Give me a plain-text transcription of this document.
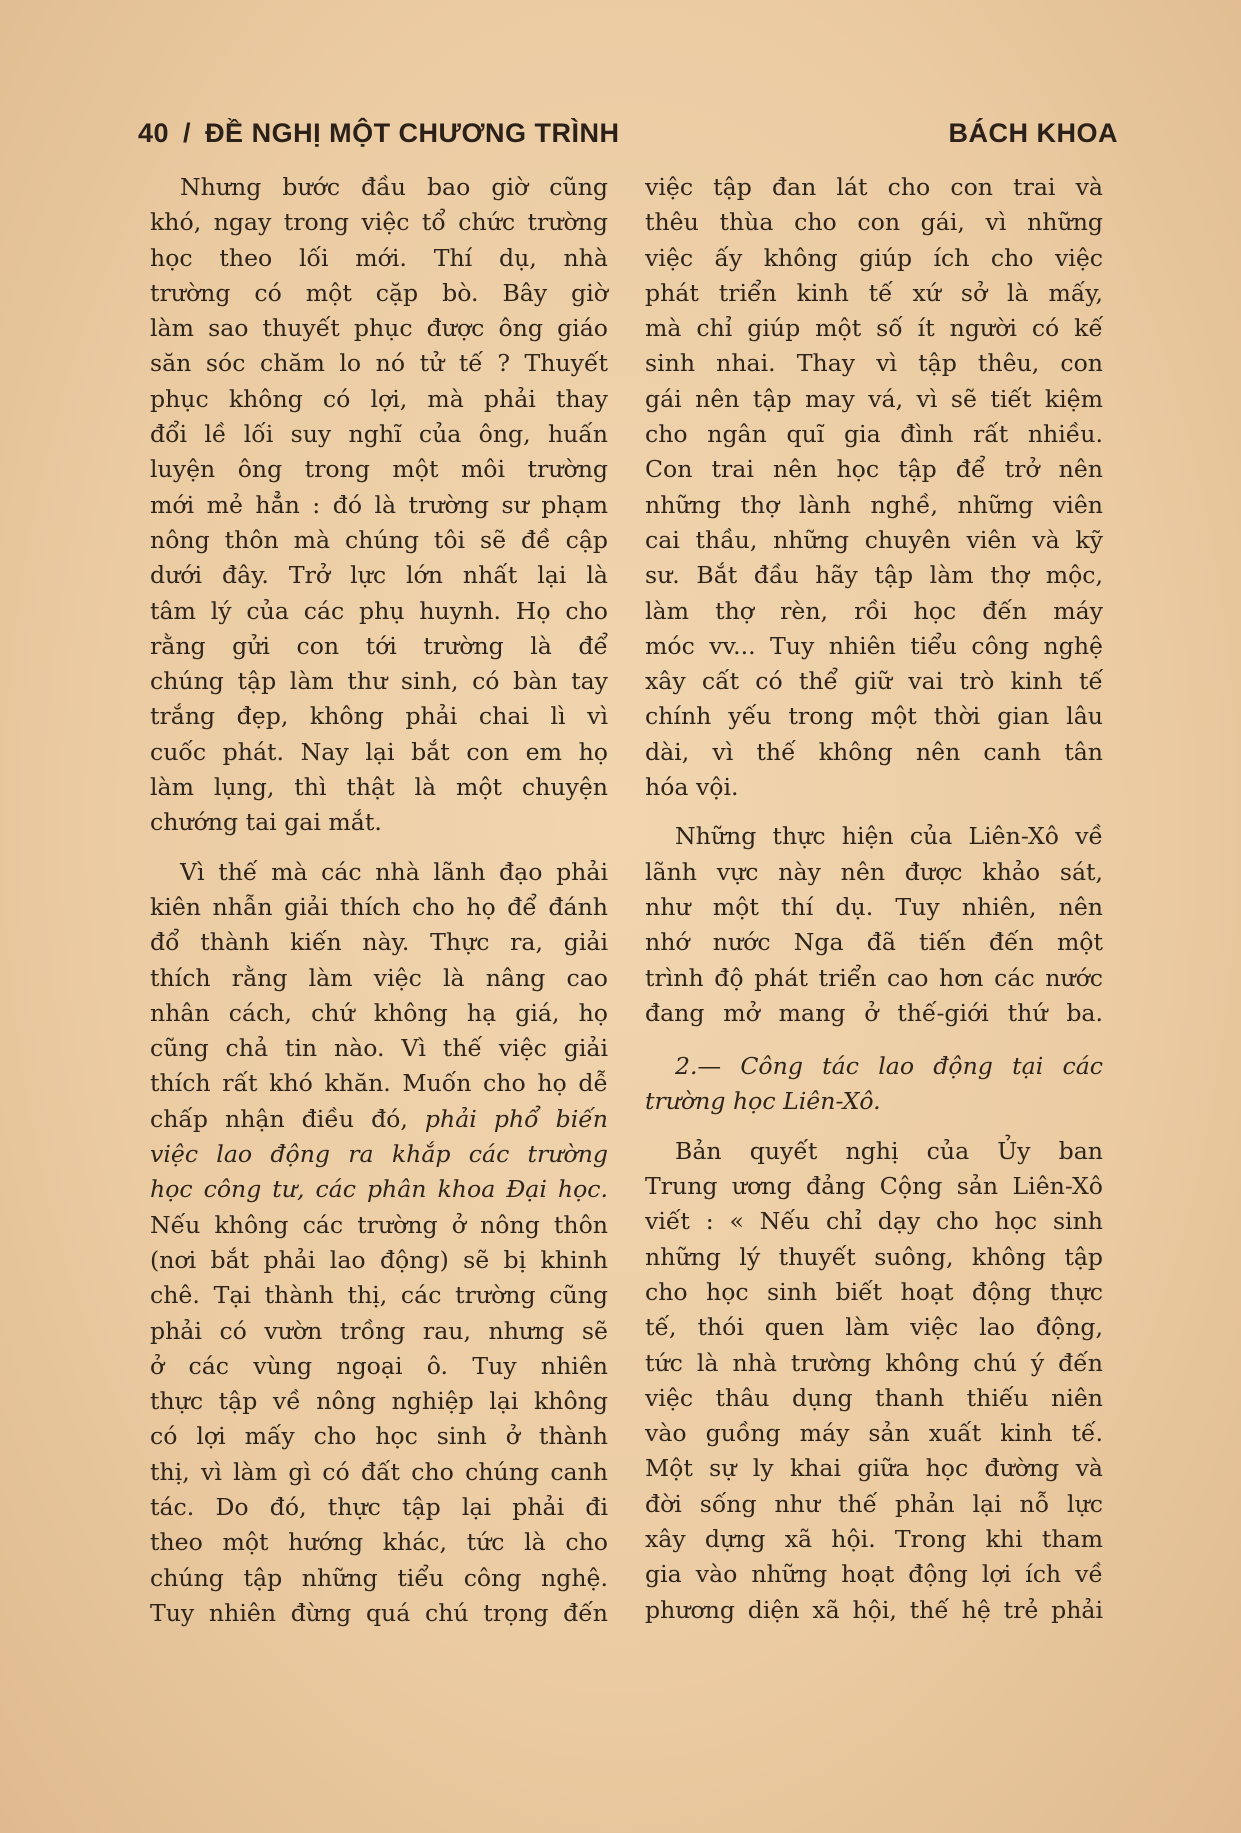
40 / ĐỀ NGHỊ MỘT CHƯƠNG TRÌNH	BÁCH KHOA

Nhưng bước đầu bao giờ cũng

khó, ngay trong việc tổ chức trường

học theo lối mới. Thí dụ, nhà

trường có một cặp bò. Bây giờ

làm sao thuyết phục được ông giáo

săn sóc chăm lo nó tử tế ? Thuyết

phục không có lợi, mà phải thay

đổi lề lối suy nghĩ của ông, huấn

luyện ông trong một môi trường

mới mẻ hẳn : đó là trường sư phạm

nông thôn mà chúng tôi sẽ đề cập

dưới đây. Trở lực lớn nhất lại là

tâm lý của các phụ huynh. Họ cho

rằng gửi con tới trường là để

chúng tập làm thư sinh, có bàn tay

trắng đẹp, không phải chai lì vì

cuốc phát. Nay lại bắt con em họ

làm lụng, thì thật là một chuyện

chướng tai gai mắt.

Vì thế mà các nhà lãnh đạo phải

kiên nhẫn giải thích cho họ để đánh

đổ thành kiến này. Thực ra, giải

thích rằng làm việc là nâng cao

nhân cách, chứ không hạ giá, họ

cũng chả tin nào. Vì thế việc giải

thích rất khó khăn. Muốn cho họ dễ

chấp nhận điều đó, phải phổ biến

việc lao động ra khắp các trường

học công tư, các phân khoa Đại học.

Nếu không các trường ở nông thôn

(nơi bắt phải lao động) sẽ bị khinh

chê. Tại thành thị, các trường cũng

phải có vườn trồng rau, nhưng sẽ

ở các vùng ngoại ô. Tuy nhiên

thực tập về nông nghiệp lại không

có lợi mấy cho học sinh ở thành

thị, vì làm gì có đất cho chúng canh

tác. Do đó, thực tập lại phải đi

theo một hướng khác, tức là cho

chúng tập những tiểu công nghệ.

Tuy nhiên đừng quá chú trọng đến

việc tập đan lát cho con trai và

thêu thùa cho con gái, vì những

việc ấy không giúp ích cho việc

phát triển kinh tế xứ sở là mấy,

mà chỉ giúp một số ít người có kế

sinh nhai. Thay vì tập thêu, con

gái nên tập may vá, vì sẽ tiết kiệm

cho ngân quĩ gia đình rất nhiều.

Con trai nên học tập để trở nên

những thợ lành nghề, những viên

cai thầu, những chuyên viên và kỹ

sư. Bắt đầu hãy tập làm thợ mộc,

làm thợ rèn, rồi học đến máy

móc vv... Tuy nhiên tiểu công nghệ

xây cất có thể giữ vai trò kinh tế

chính yếu trong một thời gian lâu

dài, vì thế không nên canh tân

hóa vội.

Những thực hiện của Liên-Xô về

lãnh vực này nên được khảo sát,

như một thí dụ. Tuy nhiên, nên

nhớ nước Nga đã tiến đến một

trình độ phát triển cao hơn các nước

đang mở mang ở thế-giới thứ ba.

2.— Công tác lao động tại các

trường học Liên-Xô.

Bản quyết nghị của Ủy ban

Trung ương đảng Cộng sản Liên-Xô

viết : « Nếu chỉ dạy cho học sinh

những lý thuyết suông, không tập

cho học sinh biết hoạt động thực

tế, thói quen làm việc lao động,

tức là nhà trường không chú ý đến

việc thâu dụng thanh thiếu niên

vào guồng máy sản xuất kinh tế.

Một sự ly khai giữa học đường và

đời sống như thế phản lại nỗ lực

xây dựng xã hội. Trong khi tham

gia vào những hoạt động lợi ích về

phương diện xã hội, thế hệ trẻ phải
